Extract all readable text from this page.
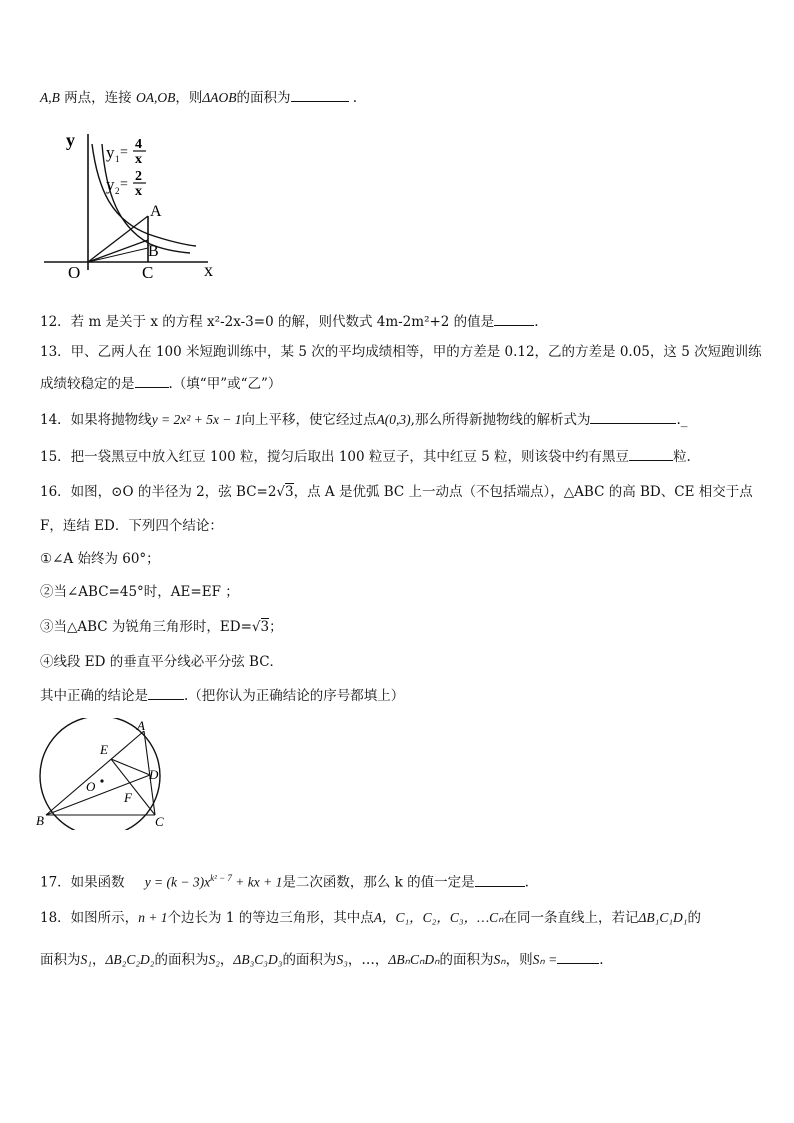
A,B 两点，连接 OA,OB，则ΔAOB的面积为	.
y
x
y 1 =
4
x
y 2 =
2
x
A
B
O	C
12．若 m 是关于 x 的方程 x²-2x-3=0 的解，则代数式 4m-2m²+2 的值是	.
13．甲、乙两人在 100 米短跑训练中，某 5 次的平均成绩相等，甲的方差是 0.12，乙的方差是 0.05，这 5 次短跑训练
成绩较稳定的是	.（填“甲”或“乙”）
14．如果将抛物线y = 2x² + 5x − 1向上平移，使它经过点A(0,3),那么所得新抛物线的解析式为	._
15．把一袋黑豆中放入红豆 100 粒，搅匀后取出 100 粒豆子，其中红豆 5 粒，则该袋中约有黑豆	粒.
16．如图，⊙O 的半径为 2，弦 BC=2√3，点 A 是优弧 BC 上一动点（不包括端点），△ABC 的高 BD、CE 相交于点
F，连结 ED．下列四个结论：
①∠A 始终为 60°；
②当∠ABC=45°时，AE=EF ；
③当△ABC 为锐角三角形时，ED=√3；
④线段 ED 的垂直平分线必平分弦 BC．
其中正确的结论是	.（把你认为正确结论的序号都填上）
A
E
D
O
F
B	C
17．如果函数 $y = (k - 3)x^{k^2 - 7}$ + kx + 1是二次函数，那么 k 的值一定是	.
18．如图所示，n + 1个边长为 1 的等边三角形，其中点A，C₁，C₂，C₃，…Cₙ在同一条直线上，若记ΔB₁C₁D₁的
面积为S₁，ΔB₂C₂D₂的面积为S₂，ΔB₃C₃D₃的面积为S₃，…，ΔBₙCₙDₙ的面积为Sₙ，则Sₙ =	.
